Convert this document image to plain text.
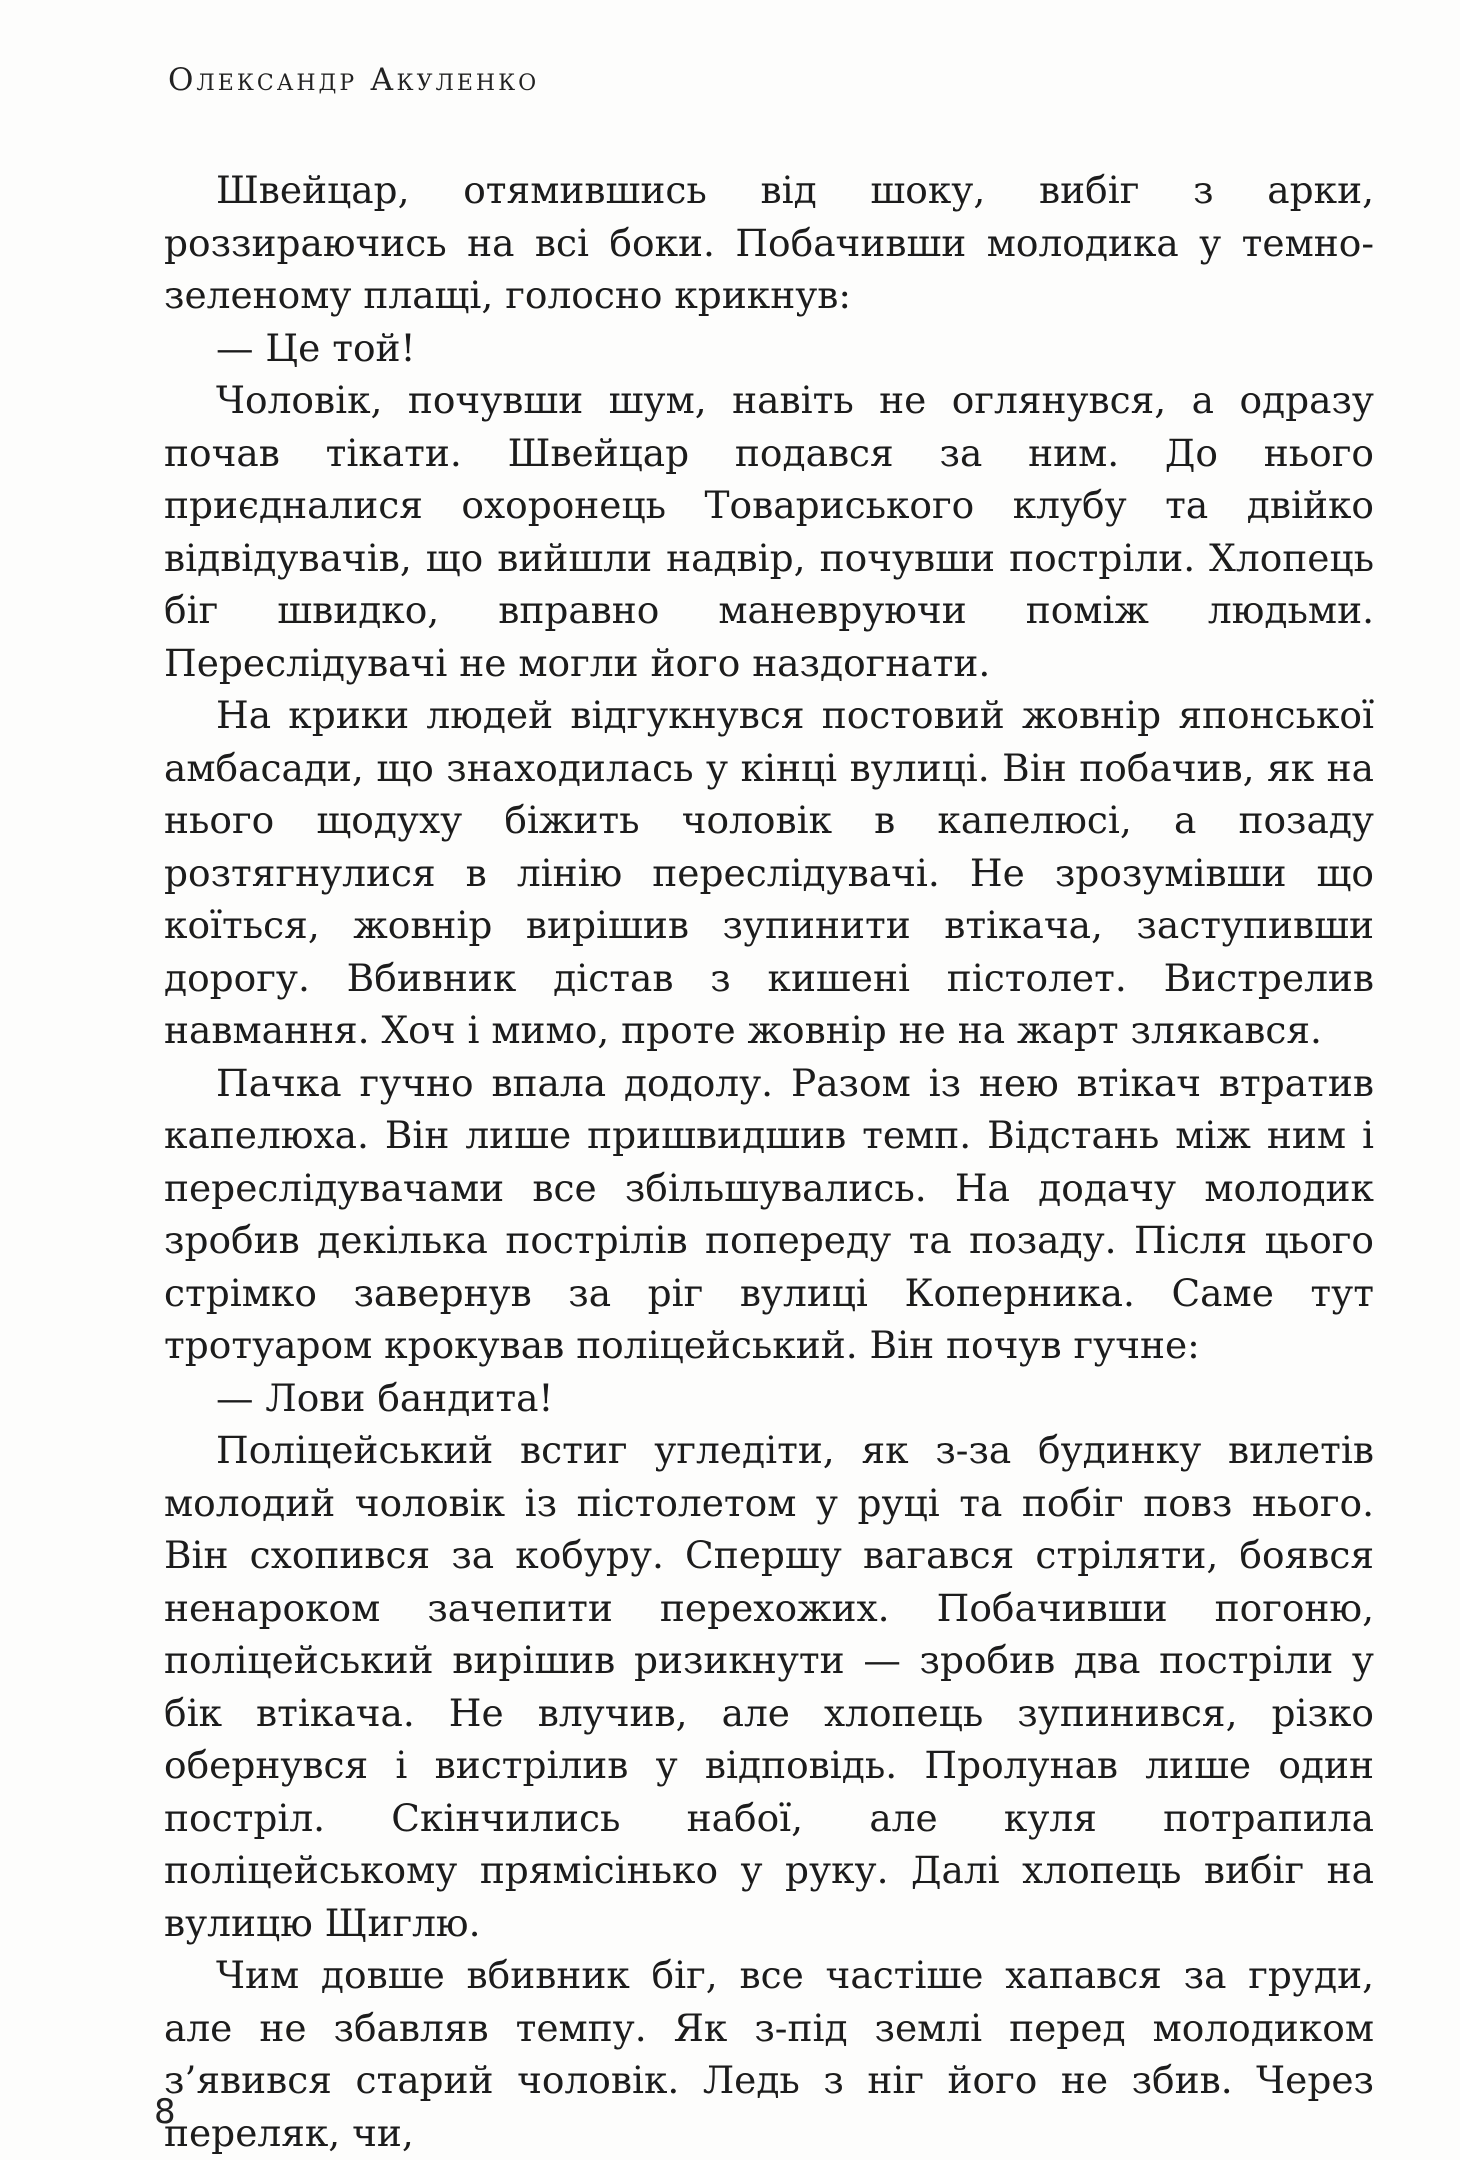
Олександр Акуленко

Швейцар, отямившись від шоку, вибіг з арки, роззираючись на всі боки. Побачивши молодика у темно-зеленому плащі, голосно крикнув:

— Це той!

Чоловік, почувши шум, навіть не оглянувся, а одразу почав тікати. Швейцар подався за ним. До нього приєдналися охоронець Товариського клубу та двійко відвідувачів, що вийшли надвір, почувши постріли. Хлопець біг швидко, вправно маневруючи поміж людьми. Переслідувачі не могли його наздогнати.

На крики людей відгукнувся постовий жовнір японської амбасади, що знаходилась у кінці вулиці. Він побачив, як на нього щодуху біжить чоловік в капелюсі, а позаду розтягнулися в лінію переслідувачі. Не зрозумівши що коїться, жовнір вирішив зупинити втікача, заступивши дорогу. Вбивник дістав з кишені пістолет. Вистрелив навмання. Хоч і мимо, проте жовнір не на жарт злякався.

Пачка гучно впала додолу. Разом із нею втікач втратив капелюха. Він лише пришвидшив темп. Відстань між ним і переслідувачами все збільшувались. На додачу молодик зробив декілька пострілів попереду та позаду. Після цього стрімко завернув за ріг вулиці Коперника. Саме тут тротуаром крокував поліцейський. Він почув гучне:

— Лови бандита!

Поліцейський встиг угледіти, як з-за будинку вилетів молодий чоловік із пістолетом у руці та побіг повз нього. Він схопився за кобуру. Спершу вагався стріляти, боявся ненароком зачепити перехожих. Побачивши погоню, поліцейський вирішив ризикнути — зробив два постріли у бік втікача. Не влучив, але хлопець зупинився, різко обернувся і вистрілив у відповідь. Пролунав лише один постріл. Скінчились набої, але куля потрапила поліцейському прямісінько у руку. Далі хлопець вибіг на вулицю Щиглю.

Чим довше вбивник біг, все частіше хапався за груди, але не збавляв темпу. Як з-під землі перед молодиком з’явився старий чоловік. Ледь з ніг його не збив. Через переляк, чи,

8
